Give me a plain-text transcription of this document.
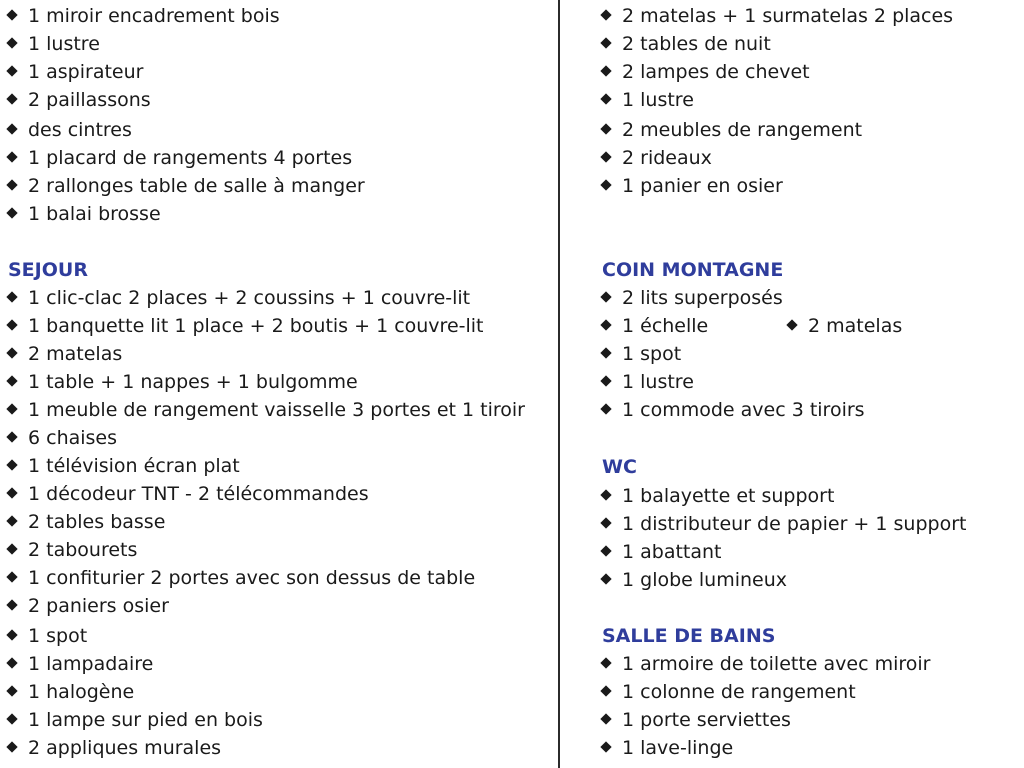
1 miroir encadrement bois
1 lustre
1 aspirateur
2 paillassons
des cintres
1 placard de rangements 4 portes
2 rallonges table de salle à manger
1 balai brosse
SEJOUR
1 clic-clac 2 places + 2 coussins + 1 couvre-lit
1 banquette lit 1 place + 2 boutis + 1 couvre-lit
2 matelas
1 table + 1 nappes + 1 bulgomme
1 meuble de rangement vaisselle 3 portes et 1 tiroir
6 chaises
1 télévision écran plat
1 décodeur TNT - 2 télécommandes
2 tables basse
2 tabourets
1 confiturier 2 portes avec son dessus de table
2 paniers osier
1 spot
1 lampadaire
1 halogène
1 lampe sur pied en bois
2 appliques murales
2 matelas + 1 surmatelas 2 places
2 tables de nuit
2 lampes de chevet
1 lustre
2 meubles de rangement
2 rideaux
1 panier en osier
COIN MONTAGNE
2 lits superposés
1 échelle	2 matelas
1 spot
1 lustre
1 commode avec 3 tiroirs
WC
1 balayette et support
1 distributeur de papier + 1 support
1 abattant
1 globe lumineux
SALLE DE BAINS
1 armoire de toilette avec miroir
1 colonne de rangement
1 porte serviettes
1 lave-linge
